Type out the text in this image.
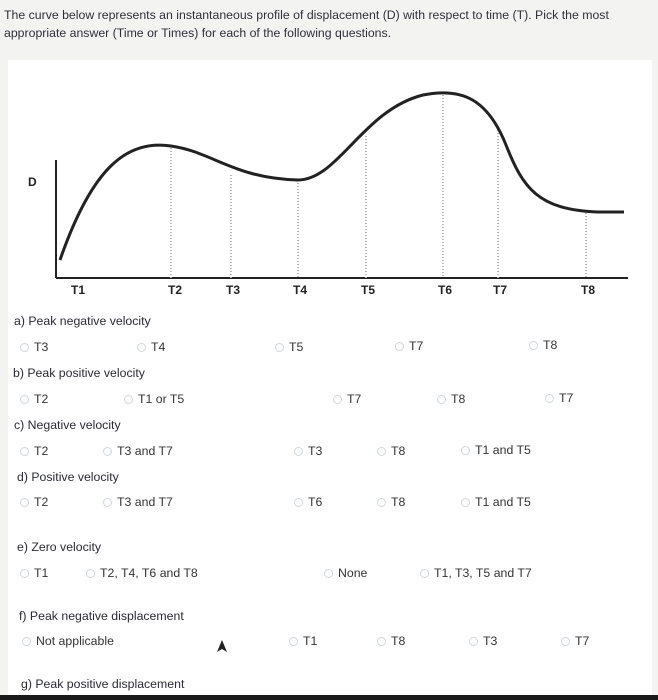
The curve below represents an instantaneous profile of displacement (D) with respect to time (T). Pick the most appropriate answer (Time or Times) for each of the following questions.
D
T1	T2	T3	T4	T5	T6	T7	T8
a) Peak negative velocity
T3	T4	T5	T7	T8
b) Peak positive velocity
T2	T1 or T5	T7	T8	T7
c) Negative velocity
T2	T3 and T7	T3	T8	T1 and T5
d) Positive velocity
T2	T3 and T7	T6	T8	T1 and T5
e) Zero velocity
T1	T2, T4, T6 and T8	None	T1, T3, T5 and T7
f) Peak negative displacement
Not applicable	T1	T8	T3	T7
g) Peak positive displacement
